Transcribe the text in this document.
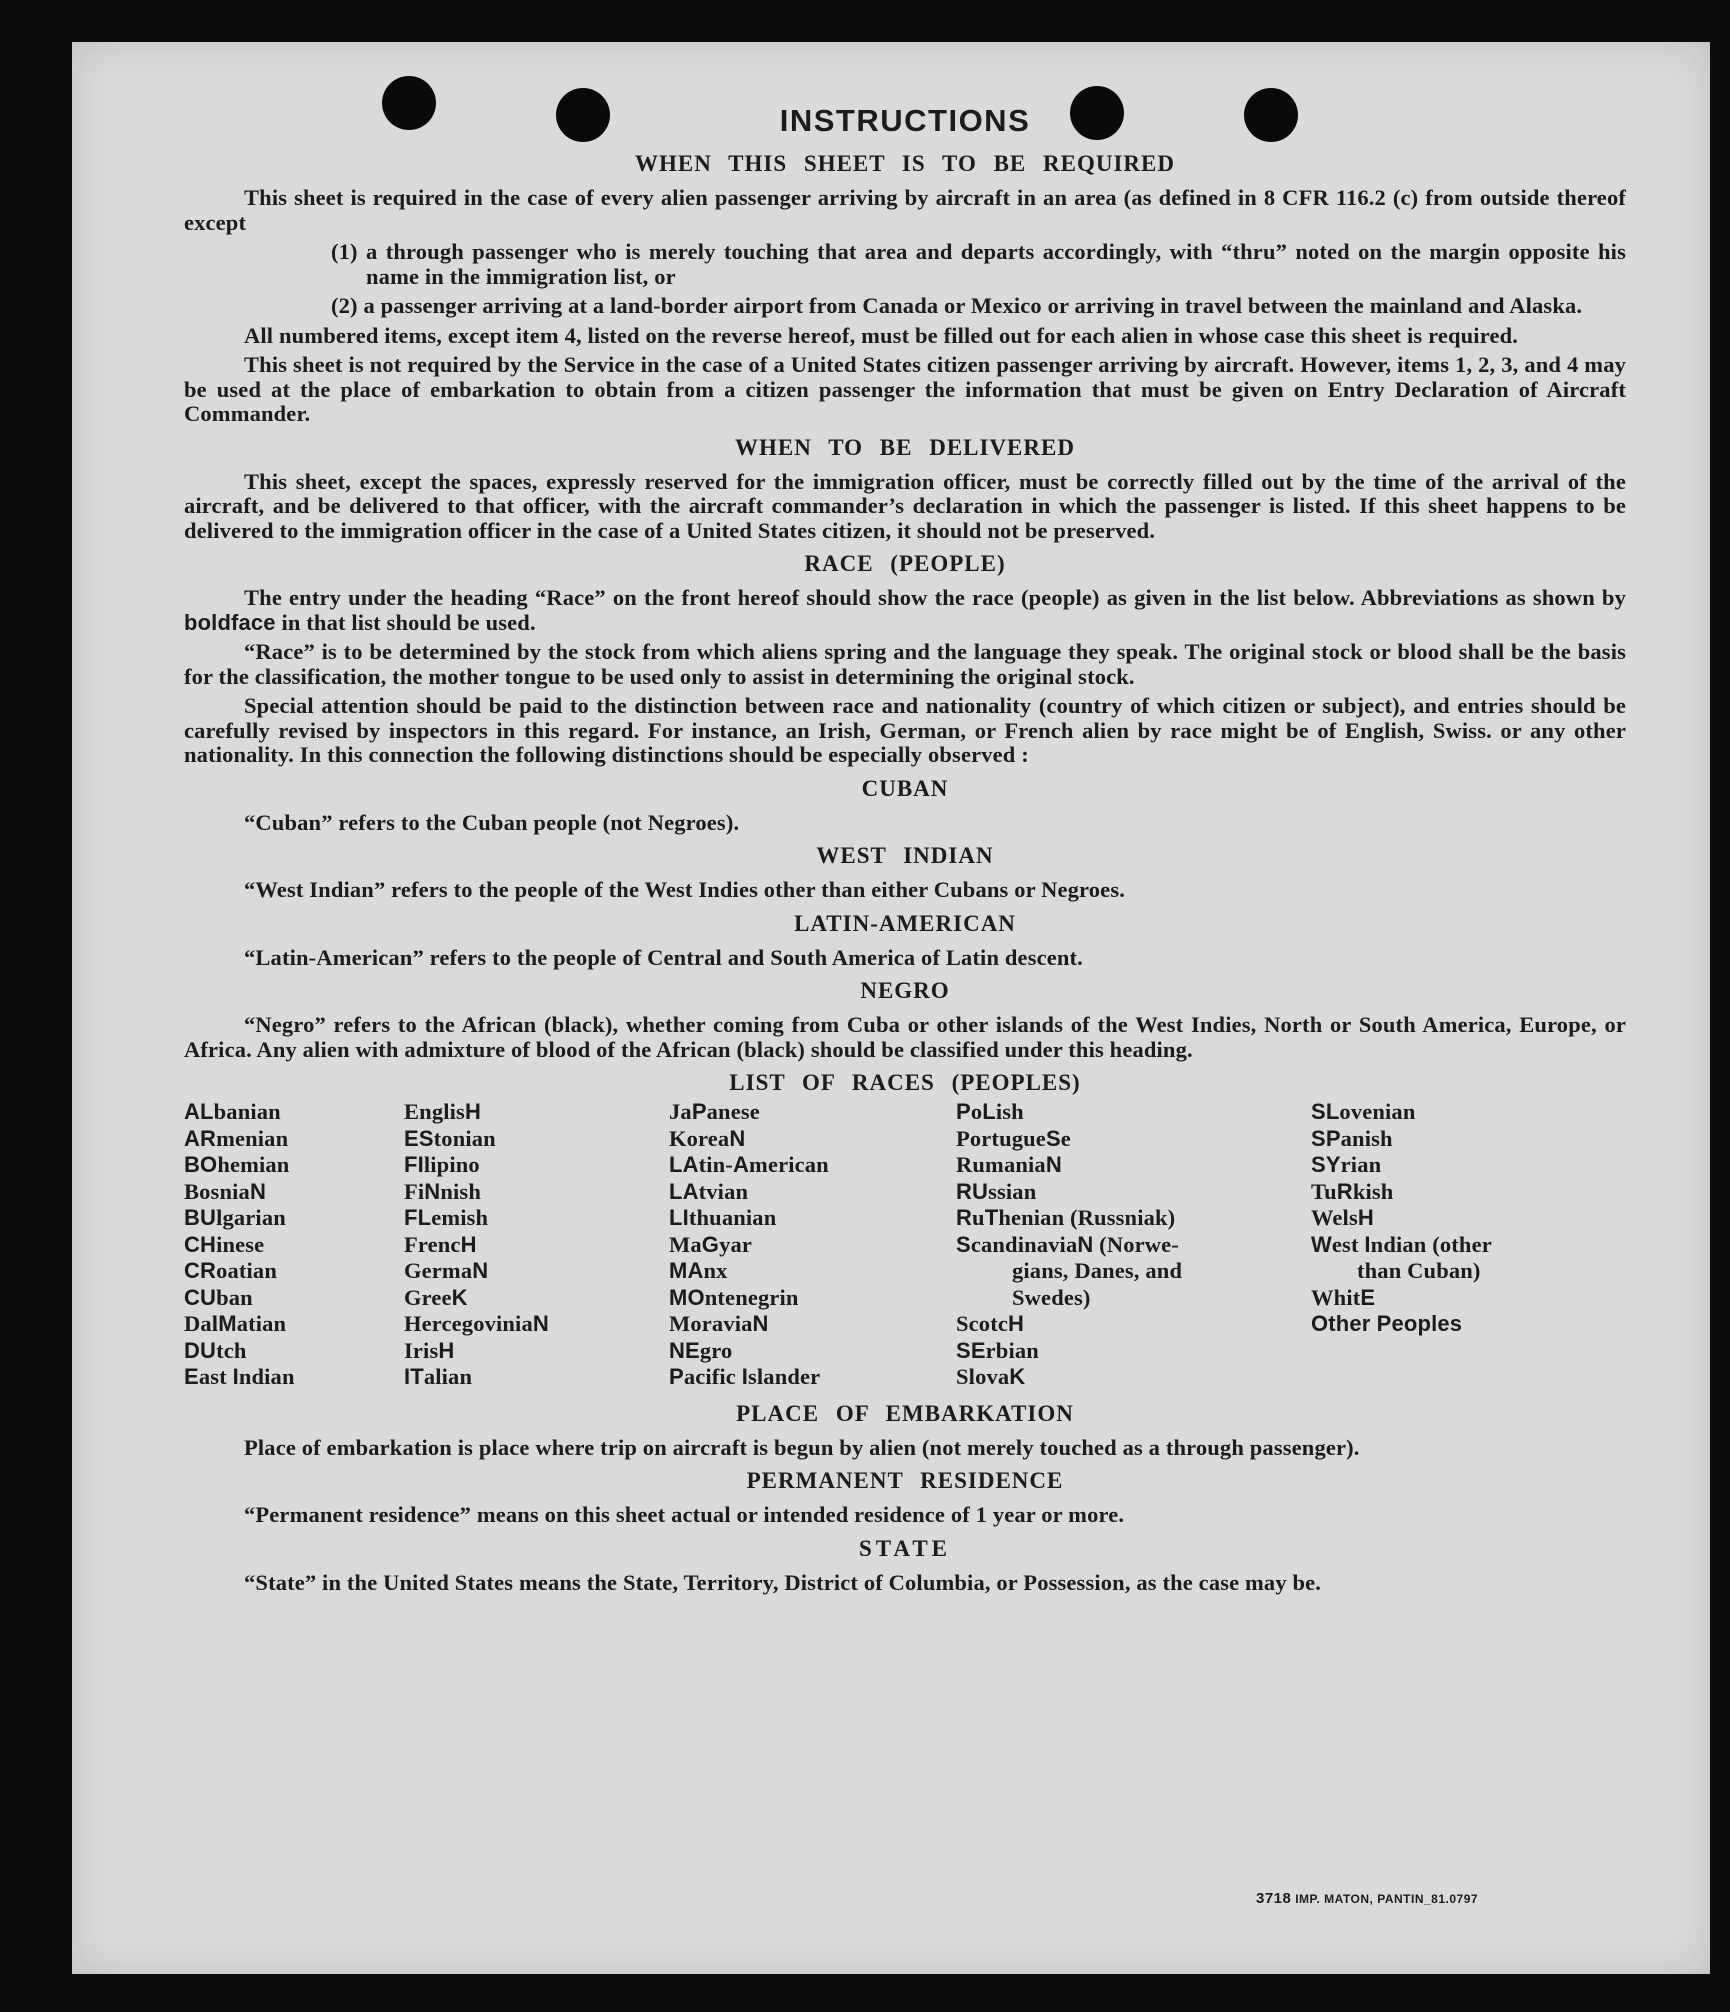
INSTRUCTIONS
WHEN THIS SHEET IS TO BE REQUIRED

This sheet is required in the case of every alien passenger arriving by aircraft in an area (as defined in 8 CFR 116.2 (c) from outside thereof except

(1) a through passenger who is merely touching that area and departs accordingly, with “thru” noted on the margin opposite his name in the immigration list, or

(2) a passenger arriving at a land-border airport from Canada or Mexico or arriving in travel between the mainland and Alaska.

All numbered items, except item 4, listed on the reverse hereof, must be filled out for each alien in whose case this sheet is required.

This sheet is not required by the Service in the case of a United States citizen passenger arriving by aircraft. However, items 1, 2, 3, and 4 may be used at the place of embarkation to obtain from a citizen passenger the information that must be given on Entry Declaration of Aircraft Commander.

WHEN TO BE DELIVERED

This sheet, except the spaces, expressly reserved for the immigration officer, must be correctly filled out by the time of the arrival of the aircraft, and be delivered to that officer, with the aircraft commander’s declaration in which the passenger is listed. If this sheet happens to be delivered to the immigration officer in the case of a United States citizen, it should not be preserved.

RACE (PEOPLE)

The entry under the heading “Race” on the front hereof should show the race (people) as given in the list below. Abbreviations as shown by boldface in that list should be used.

“Race” is to be determined by the stock from which aliens spring and the language they speak. The original stock or blood shall be the basis for the classification, the mother tongue to be used only to assist in determining the original stock.

Special attention should be paid to the distinction between race and nationality (country of which citizen or subject), and entries should be carefully revised by inspectors in this regard. For instance, an Irish, German, or French alien by race might be of English, Swiss. or any other nationality. In this connection the following distinctions should be especially observed :

CUBAN

“Cuban” refers to the Cuban people (not Negroes).

WEST INDIAN

“West Indian” refers to the people of the West Indies other than either Cubans or Negroes.

LATIN-AMERICAN

“Latin-American” refers to the people of Central and South America of Latin descent.

NEGRO

“Negro” refers to the African (black), whether coming from Cuba or other islands of the West Indies, North or South America, Europe, or Africa. Any alien with admixture of blood of the African (black) should be classified under this heading.

LIST OF RACES (PEOPLES)
ALbanian
ARmenian
BOhemian
BosniaN
BUlgarian
CHinese
CRoatian
CUban
DalMatian
DUtch
East Indian
EnglisH
EStonian
FIlipino
FiNnish
FLemish
FrencH
GermaN
GreeK
HercegoviniaN
IrisH
ITalian
JaPanese
KoreaN
LAtin-American
LAtvian
LIthuanian
MaGyar
MAnx
MOntenegrin
MoraviaN
NEgro
Pacific Islander
PoLish
PortugueSe
RumaniaN
RUssian
RuThenian (Russniak)
ScandinaviaN (Norwe-
gians, Danes, and
Swedes)
ScotcH
SErbian
SlovaK
SLovenian
SPanish
SYrian
TuRkish
WelsH
West Indian (other
than Cuban)
WhitE
Other Peoples
PLACE OF EMBARKATION

Place of embarkation is place where trip on aircraft is begun by alien (not merely touched as a through passenger).

PERMANENT RESIDENCE

“Permanent residence” means on this sheet actual or intended residence of 1 year or more.

STATE

“State” in the United States means the State, Territory, District of Columbia, or Possession, as the case may be.

3718 IMP. MATON, PANTIN_81.0797
